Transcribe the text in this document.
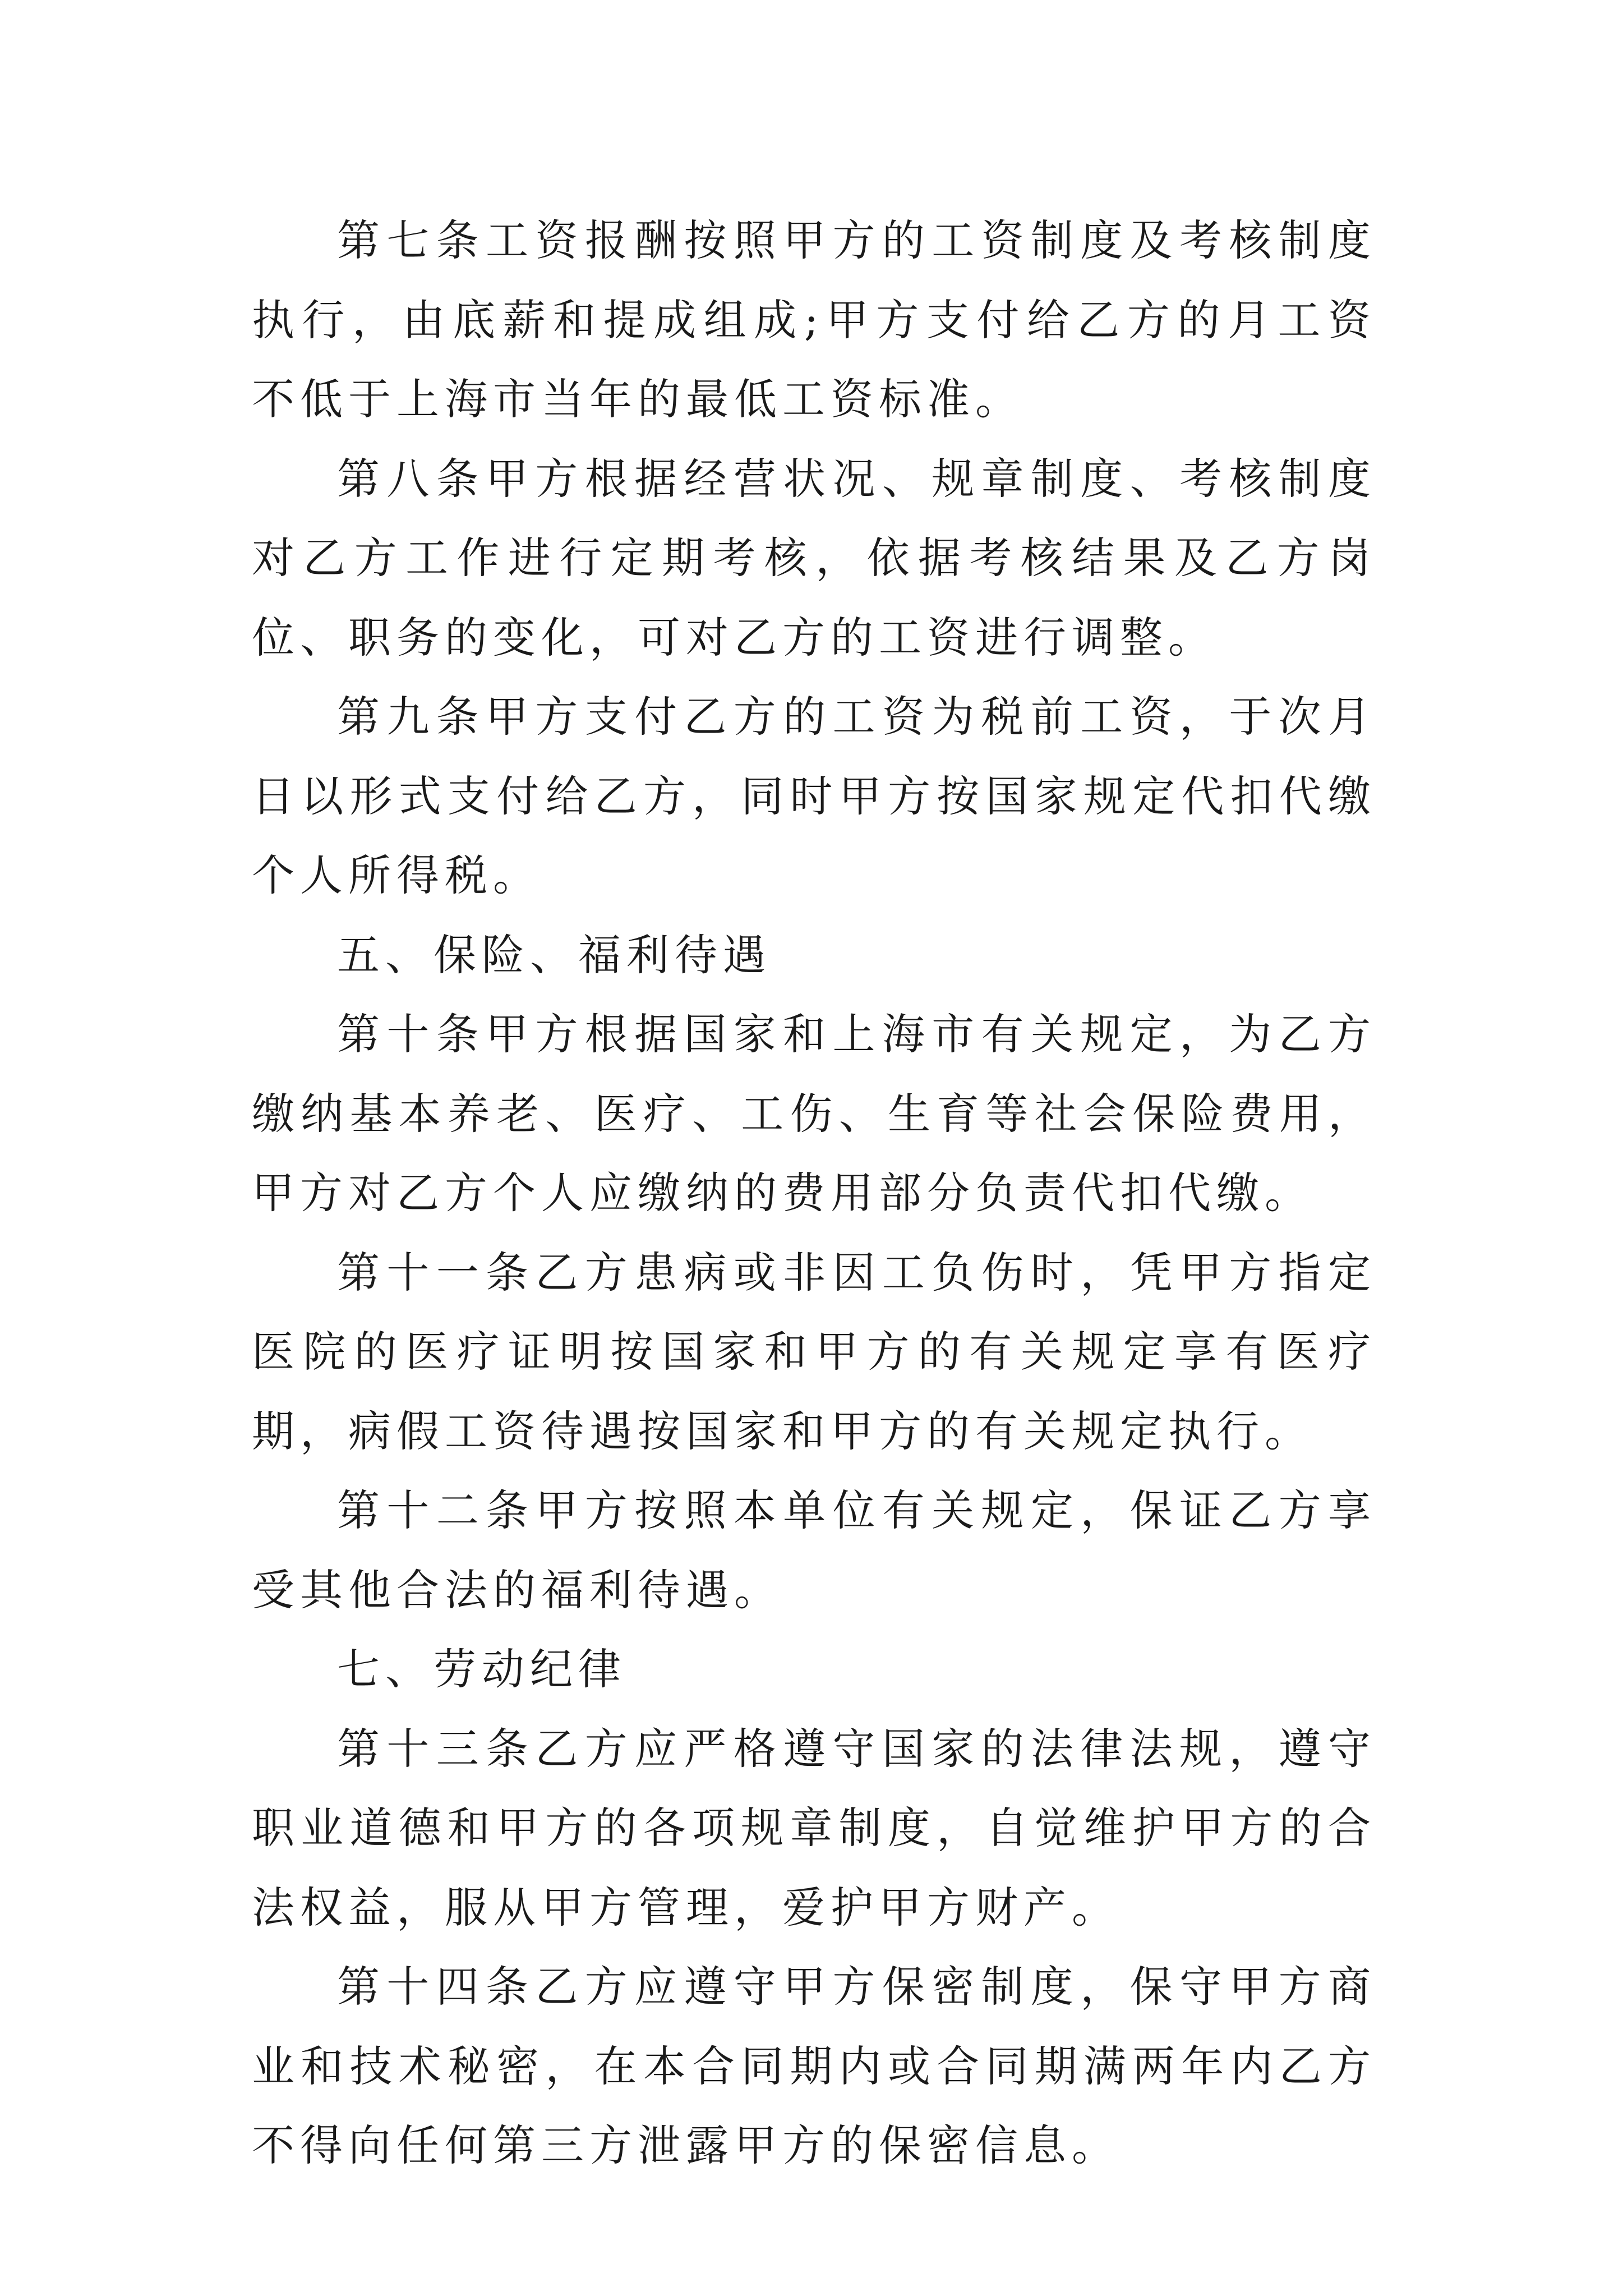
第七条工资报酬按照甲方的工资制度及考核制度执行，由底薪和提成组成;甲方支付给乙方的月工资不低于上海市当年的最低工资标准。

第八条甲方根据经营状况、规章制度、考核制度对乙方工作进行定期考核，依据考核结果及乙方岗位、职务的变化，可对乙方的工资进行调整。

第九条甲方支付乙方的工资为税前工资，于次月日以形式支付给乙方，同时甲方按国家规定代扣代缴个人所得税。

五、保险、福利待遇

第十条甲方根据国家和上海市有关规定，为乙方缴纳基本养老、医疗、工伤、生育等社会保险费用，甲方对乙方个人应缴纳的费用部分负责代扣代缴。

第十一条乙方患病或非因工负伤时，凭甲方指定医院的医疗证明按国家和甲方的有关规定享有医疗期，病假工资待遇按国家和甲方的有关规定执行。

第十二条甲方按照本单位有关规定，保证乙方享受其他合法的福利待遇。

七、劳动纪律

第十三条乙方应严格遵守国家的法律法规，遵守职业道德和甲方的各项规章制度，自觉维护甲方的合法权益，服从甲方管理，爱护甲方财产。

第十四条乙方应遵守甲方保密制度，保守甲方商业和技术秘密，在本合同期内或合同期满两年内乙方不得向任何第三方泄露甲方的保密信息。
